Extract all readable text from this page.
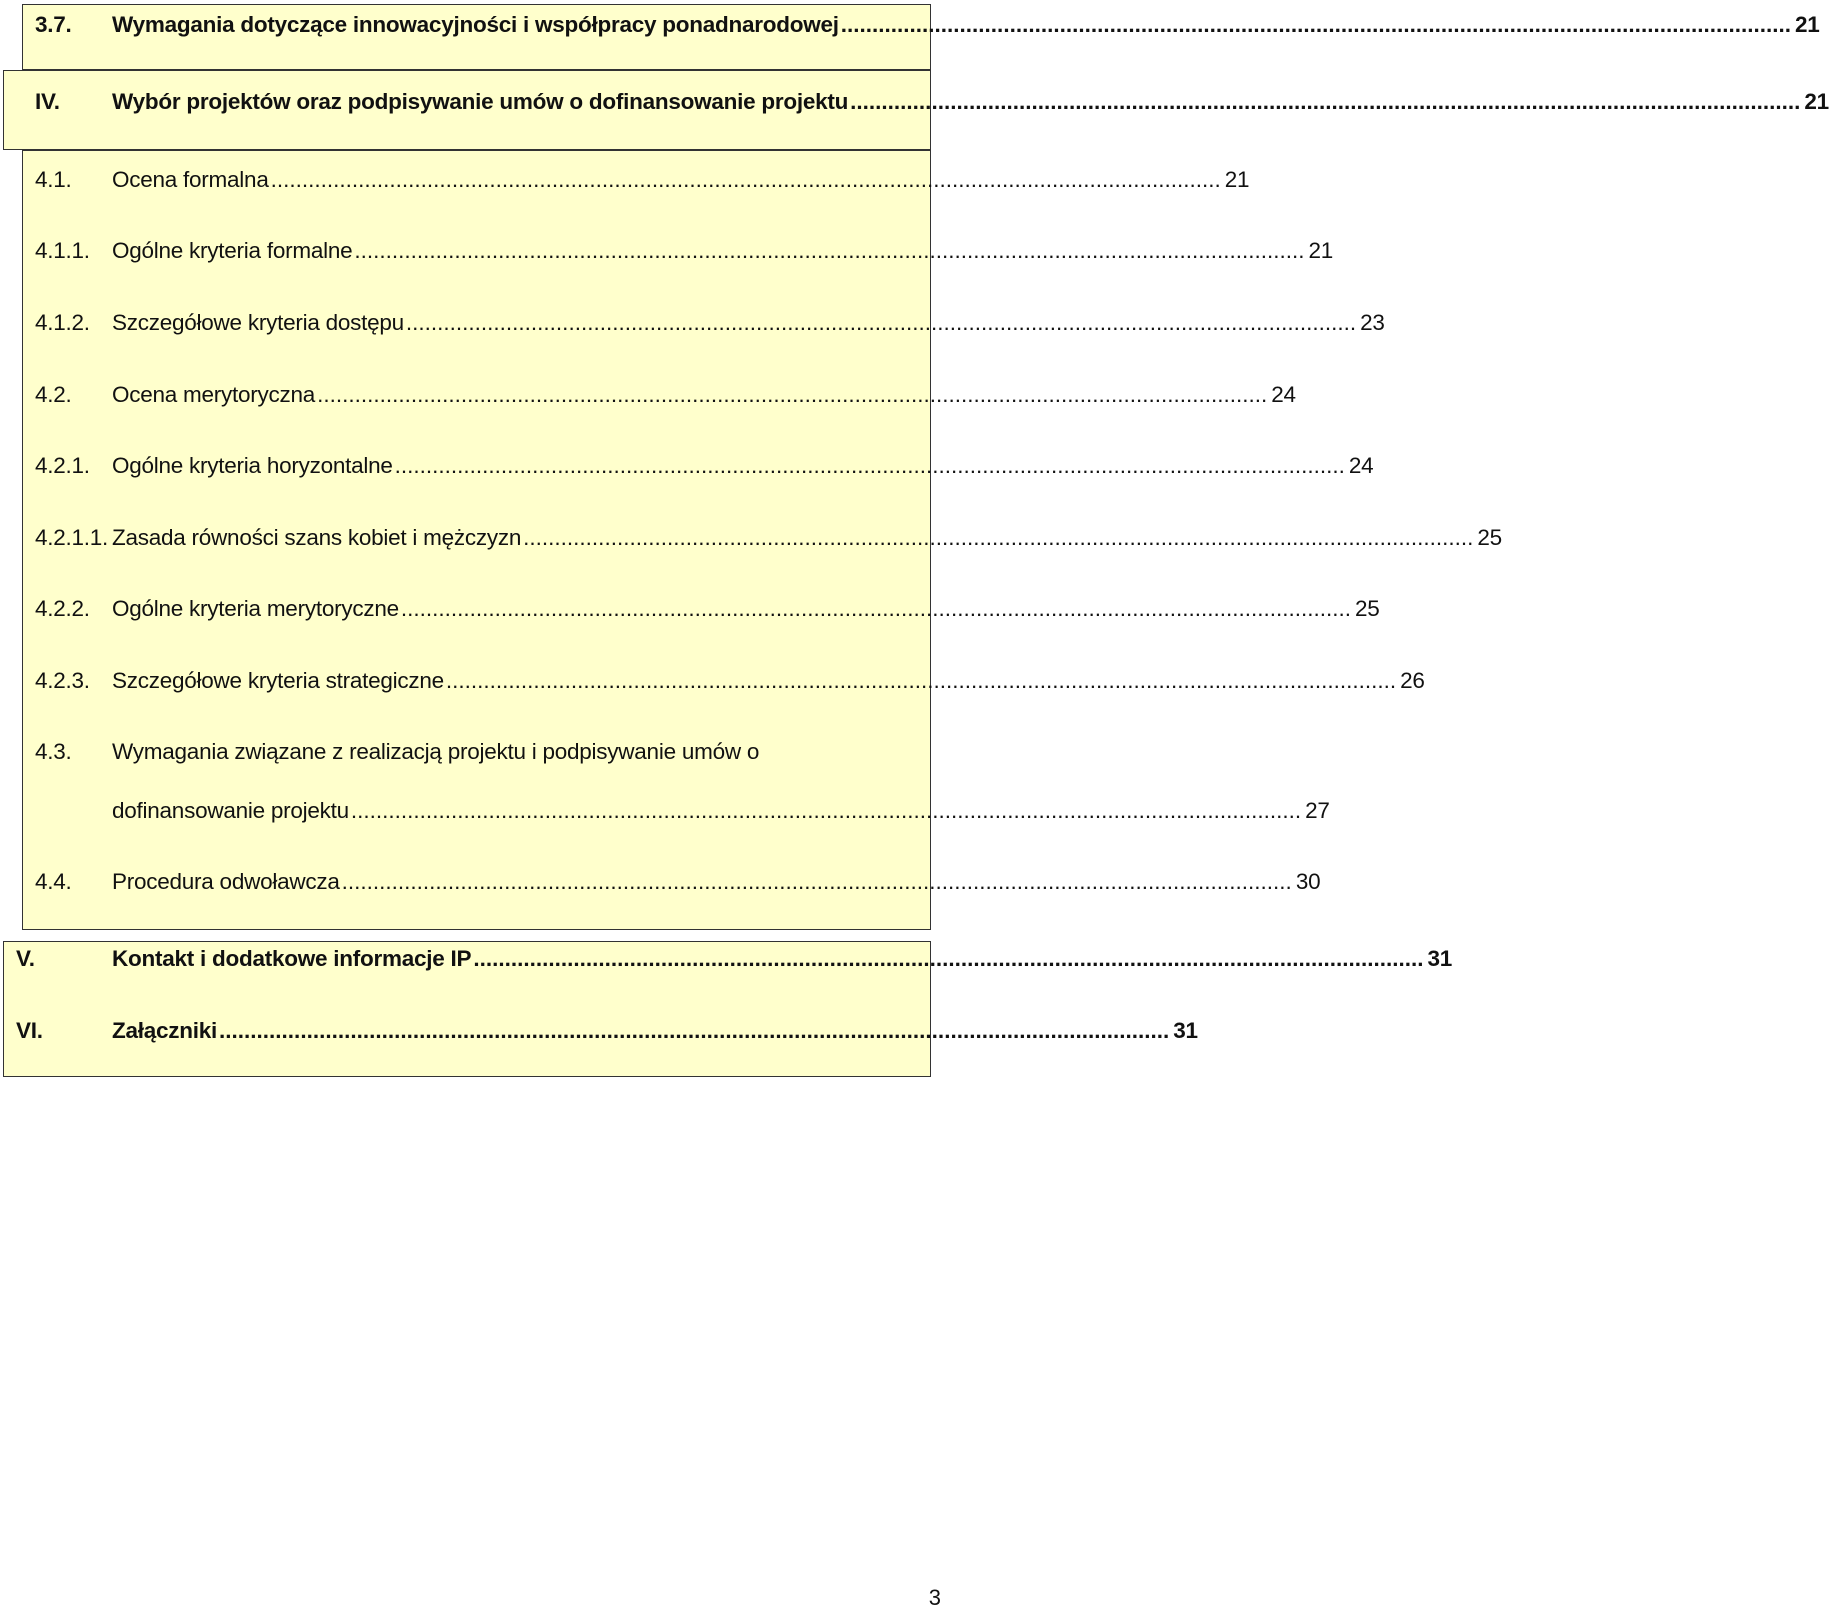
3.7. Wymagania dotyczące innowacyjności i współpracy ponadnarodowej ........................................................................................................................................................ 21
IV. Wybór projektów oraz podpisywanie umów o dofinansowanie projektu ........................................................................................................................................................ 21
4.1. Ocena formalna ........................................................................................................................................................ 21
4.1.1. Ogólne kryteria formalne ........................................................................................................................................................ 21
4.1.2. Szczegółowe kryteria dostępu ........................................................................................................................................................ 23
4.2. Ocena merytoryczna ........................................................................................................................................................ 24
4.2.1. Ogólne kryteria horyzontalne ........................................................................................................................................................ 24
4.2.1.1. Zasada równości szans kobiet i mężczyzn ........................................................................................................................................................ 25
4.2.2. Ogólne kryteria merytoryczne ........................................................................................................................................................ 25
4.2.3. Szczegółowe kryteria strategiczne ........................................................................................................................................................ 26
4.3. Wymagania związane z realizacją projektu i podpisywanie umów o
dofinansowanie projektu ........................................................................................................................................................ 27
4.4. Procedura odwoławcza ........................................................................................................................................................ 30
V.	Kontakt i dodatkowe informacje IP ........................................................................................................................................................ 31
VI.	Załączniki ........................................................................................................................................................ 31
3
